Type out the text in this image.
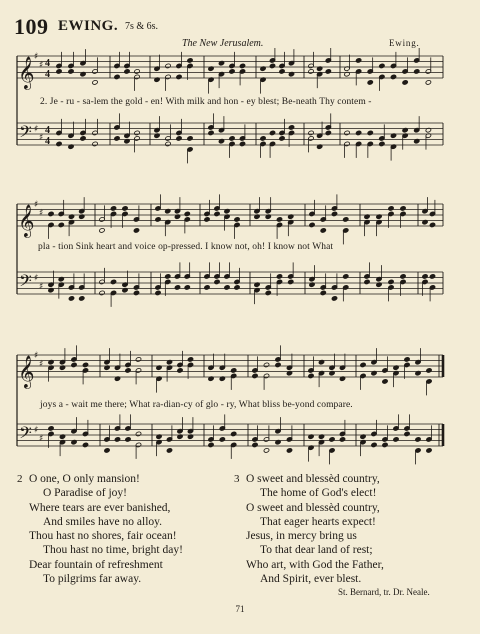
109 EWING. 7s & 6s.
The New Jerusalem.	Ewing.
𝄞
𝄢
♯
♯
♯
♯
4
4
4
4
2. Je - ru - sa-lem the gold - en! With milk and hon - ey blest; Be-neath Thy contem -
𝄞
𝄢
♯
♯
♯
♯
pla - tion Sink heart and voice op-pressed. I know not, oh! I know not What
𝄞
𝄢
♯
♯
♯
♯
joys a - wait me there; What ra-dian-cy of glo - ry, What bliss be-yond compare.
2 O one, O only mansion!
O Paradise of joy!
Where tears are ever banished,
And smiles have no alloy.
Thou hast no shores, fair ocean!
Thou hast no time, bright day!
Dear fountain of refreshment
To pilgrims far away.
3 O sweet and blessèd country,
The home of God's elect!
O sweet and blessèd country,
That eager hearts expect!
Jesus, in mercy bring us
To that dear land of rest;
Who art, with God the Father,
And Spirit, ever blest.
St. Bernard, tr. Dr. Neale.
71
